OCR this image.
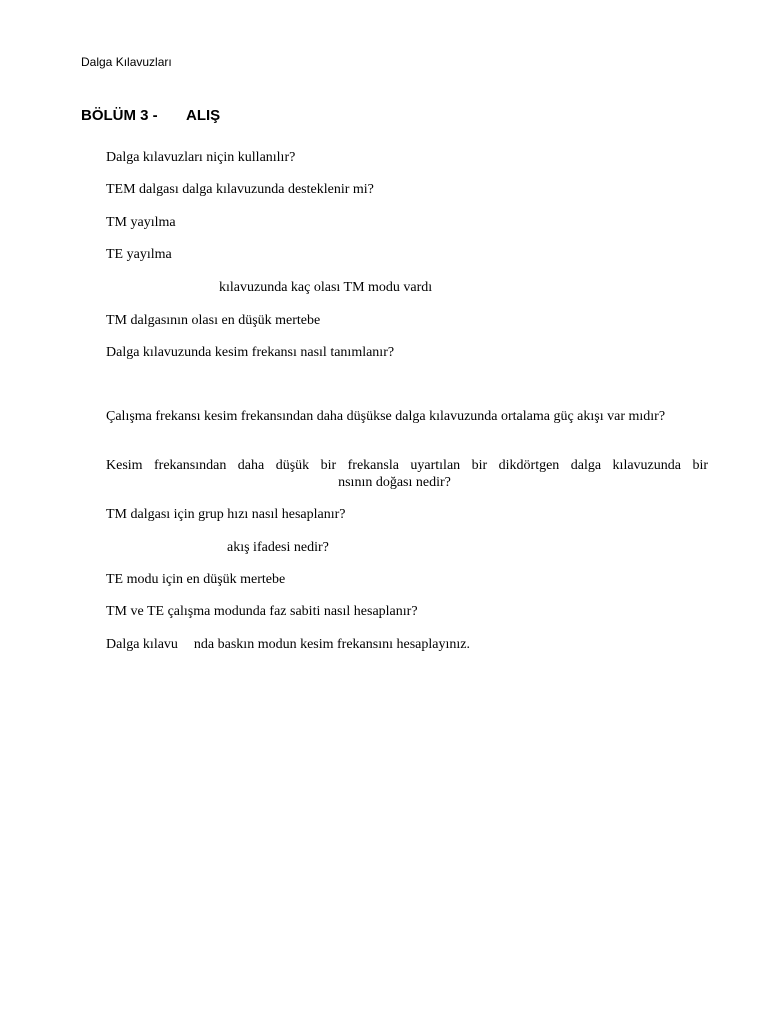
Dalga Kılavuzları
BÖLÜM 3 - ALIŞ
Dalga kılavuzları niçin kullanılır?
TEM dalgası dalga kılavuzunda desteklenir mi?
TM yayılma
TE yayılma
kılavuzunda kaç olası TM modu vardı
TM dalgasının olası en düşük mertebe
Dalga kılavuzunda kesim frekansı nasıl tanımlanır?
Çalışma frekansı kesim frekansından daha düşükse dalga kılavuzunda ortalama güç akışı var mıdır?
Kesim frekansından daha düşük bir frekansla uyartılan bir dikdörtgen dalga kılavuzunda bir
nsının doğası nedir?
TM dalgası için grup hızı nasıl hesaplanır?
akış ifadesi nedir?
TE modu için en düşük mertebe
TM ve TE çalışma modunda faz sabiti nasıl hesaplanır?
Dalga kılavu nda baskın modun kesim frekansını hesaplayınız.
